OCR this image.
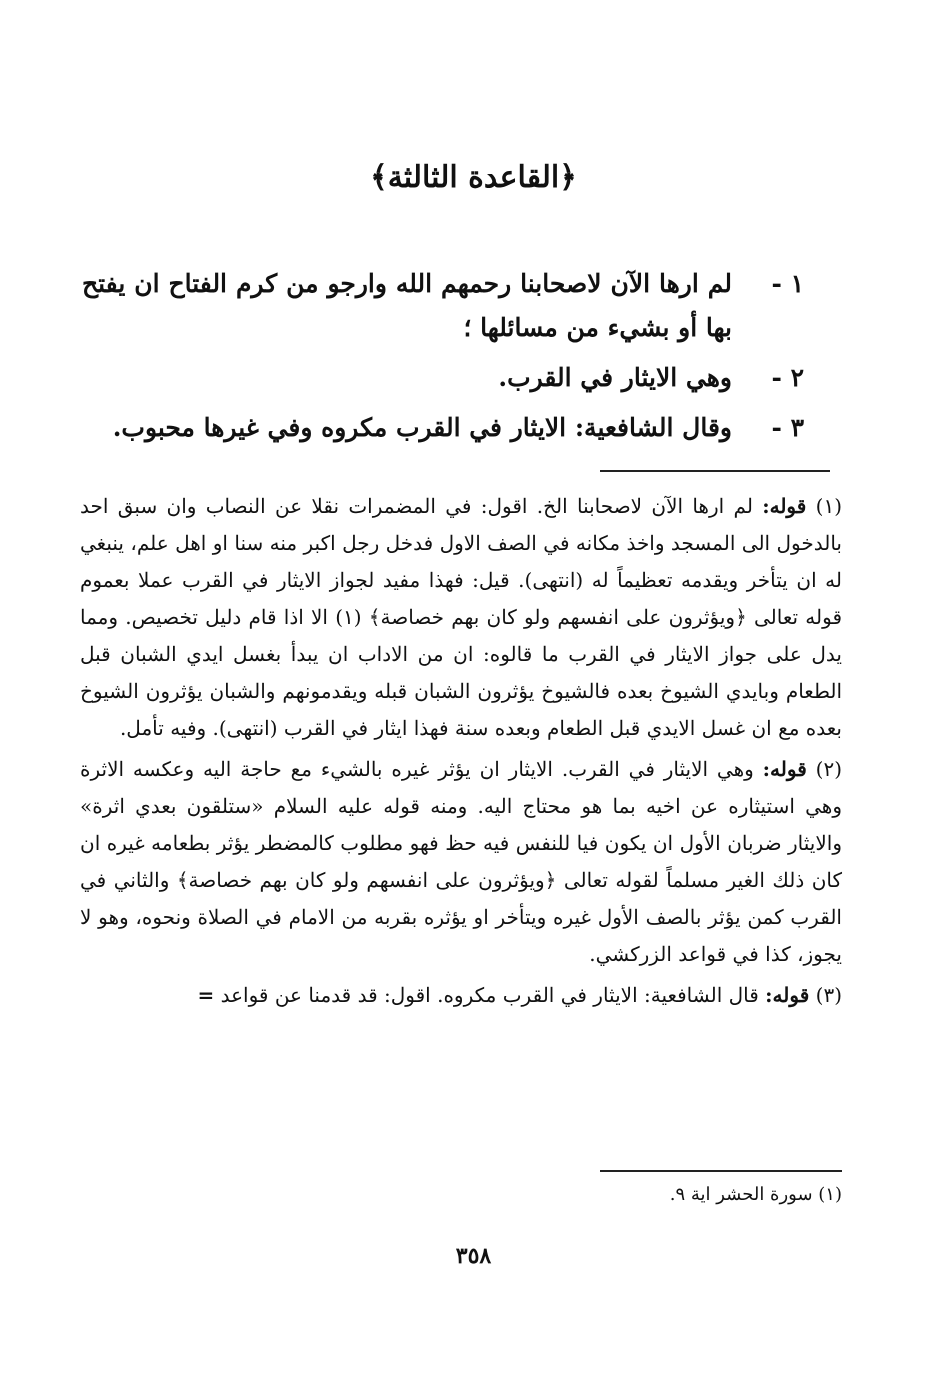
﴿القاعدة الثالثة﴾
١ -
لم ارها الآن لاصحابنا رحمهم الله وارجو من كرم الفتاح ان يفتح بها أو بشيء من مسائلها ؛
٢ -
وهي الايثار في القرب.
٣ -
وقال الشافعية: الايثار في القرب مكروه وفي غيرها محبوب.

(١) قوله: لم ارها الآن لاصحابنا الخ. اقول: في المضمرات نقلا عن النصاب وان سبق احد بالدخول الى المسجد واخذ مكانه في الصف الاول فدخل رجل اكبر منه سنا او اهل علم، ينبغي له ان يتأخر ويقدمه تعظيماً له (انتهى). قيل: فهذا مفيد لجواز الايثار في القرب عملا بعموم قوله تعالى ﴿ويؤثرون على انفسهم ولو كان بهم خصاصة﴾ (١) الا اذا قام دليل تخصيص. ومما يدل على جواز الايثار في القرب ما قالوه: ان من الاداب ان يبدأ بغسل ايدي الشبان قبل الطعام وبايدي الشيوخ بعده فالشيوخ يؤثرون الشبان قبله ويقدمونهم والشبان يؤثرون الشيوخ بعده مع ان غسل الايدي قبل الطعام وبعده سنة فهذا ايثار في القرب (انتهى). وفيه تأمل.

(٢) قوله: وهي الايثار في القرب. الايثار ان يؤثر غيره بالشيء مع حاجة اليه وعكسه الاثرة وهي استيثاره عن اخيه بما هو محتاج اليه. ومنه قوله عليه السلام «ستلقون بعدي اثرة» والايثار ضربان الأول ان يكون فيا للنفس فيه حظ فهو مطلوب كالمضطر يؤثر بطعامه غيره ان كان ذلك الغير مسلماً لقوله تعالى ﴿ويؤثرون على انفسهم ولو كان بهم خصاصة﴾ والثاني في القرب كمن يؤثر بالصف الأول غيره ويتأخر او يؤثره بقربه من الامام في الصلاة ونحوه، وهو لا يجوز، كذا في قواعد الزركشي.

(٣) قوله: قال الشافعية: الايثار في القرب مكروه. اقول: قد قدمنا عن قواعد =

(١) سورة الحشر اية ٩.
٣٥٨
